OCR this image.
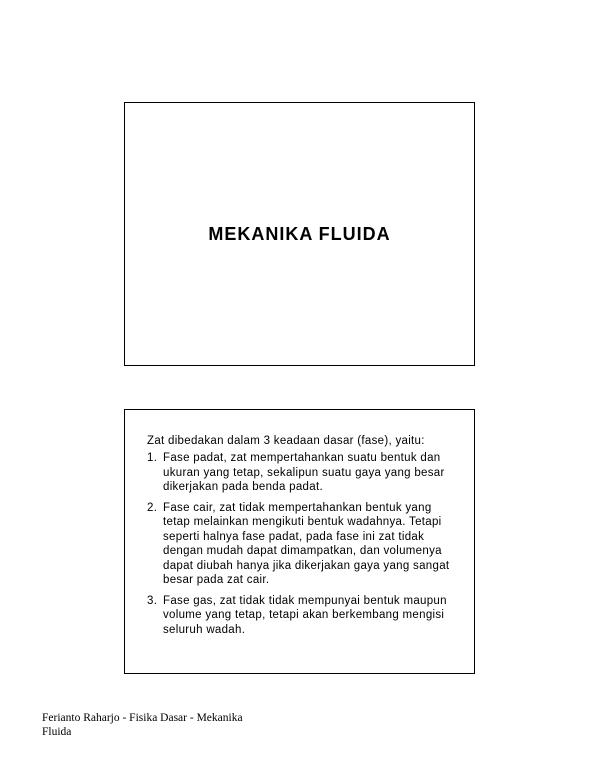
MEKANIKA FLUIDA

Zat dibedakan dalam 3 keadaan dasar (fase), yaitu:

1. Fase padat, zat mempertahankan suatu bentuk dan ukuran yang tetap, sekalipun suatu gaya yang besar dikerjakan pada benda padat.
2. Fase cair, zat tidak mempertahankan bentuk yang tetap melainkan mengikuti bentuk wadahnya. Tetapi seperti halnya fase padat, pada fase ini zat tidak dengan mudah dapat dimampatkan, dan volumenya dapat diubah hanya jika dikerjakan gaya yang sangat besar pada zat cair.
3. Fase gas, zat tidak tidak mempunyai bentuk maupun volume yang tetap, tetapi akan berkembang mengisi seluruh wadah.
Ferianto Raharjo - Fisika Dasar - Mekanika Fluida
